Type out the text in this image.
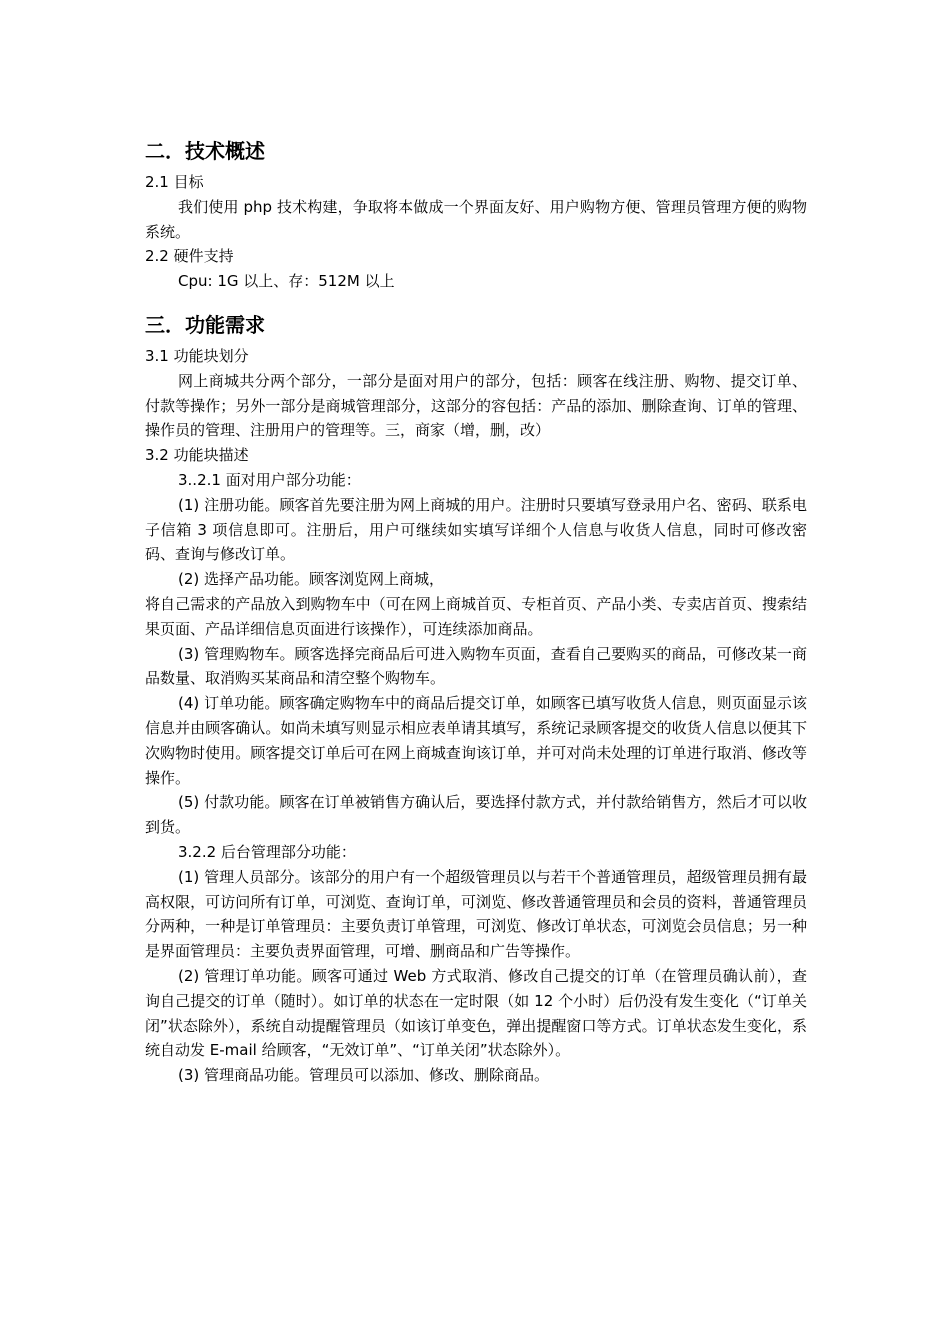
二．技术概述

2.1 目标

我们使用 php 技术构建，争取将本做成一个界面友好、用户购物方便、管理员管理方便的购物系统。

2.2 硬件支持

Cpu: 1G 以上、存：512M 以上

三．功能需求

3.1 功能块划分

网上商城共分两个部分，一部分是面对用户的部分，包括：顾客在线注册、购物、提交订单、付款等操作；另外一部分是商城管理部分，这部分的容包括：产品的添加、删除查询、订单的管理、操作员的管理、注册用户的管理等。三，商家（增，删，改）

3.2 功能块描述

3..2.1 面对用户部分功能：

(1) 注册功能。顾客首先要注册为网上商城的用户。注册时只要填写登录用户名、密码、联系电子信箱 3 项信息即可。注册后，用户可继续如实填写详细个人信息与收货人信息，同时可修改密码、查询与修改订单。

(2) 选择产品功能。顾客浏览网上商城，

将自己需求的产品放入到购物车中（可在网上商城首页、专柜首页、产品小类、专卖店首页、搜索结果页面、产品详细信息页面进行该操作），可连续添加商品。

(3) 管理购物车。顾客选择完商品后可进入购物车页面，查看自己要购买的商品，可修改某一商品数量、取消购买某商品和清空整个购物车。

(4) 订单功能。顾客确定购物车中的商品后提交订单，如顾客已填写收货人信息，则页面显示该信息并由顾客确认。如尚未填写则显示相应表单请其填写，系统记录顾客提交的收货人信息以便其下次购物时使用。顾客提交订单后可在网上商城查询该订单，并可对尚未处理的订单进行取消、修改等操作。

(5) 付款功能。顾客在订单被销售方确认后，要选择付款方式，并付款给销售方，然后才可以收到货。

3.2.2 后台管理部分功能：

(1) 管理人员部分。该部分的用户有一个超级管理员以与若干个普通管理员，超级管理员拥有最高权限，可访问所有订单，可浏览、查询订单，可浏览、修改普通管理员和会员的资料，普通管理员分两种，一种是订单管理员：主要负责订单管理，可浏览、修改订单状态，可浏览会员信息；另一种是界面管理员：主要负责界面管理，可增、删商品和广告等操作。

(2) 管理订单功能。顾客可通过 Web 方式取消、修改自己提交的订单（在管理员确认前），查询自己提交的订单（随时）。如订单的状态在一定时限（如 12 个小时）后仍没有发生变化（“订单关闭”状态除外），系统自动提醒管理员（如该订单变色，弹出提醒窗口等方式。订单状态发生变化，系统自动发 E-mail 给顾客，“无效订单”、“订单关闭”状态除外）。

(3) 管理商品功能。管理员可以添加、修改、删除商品。
